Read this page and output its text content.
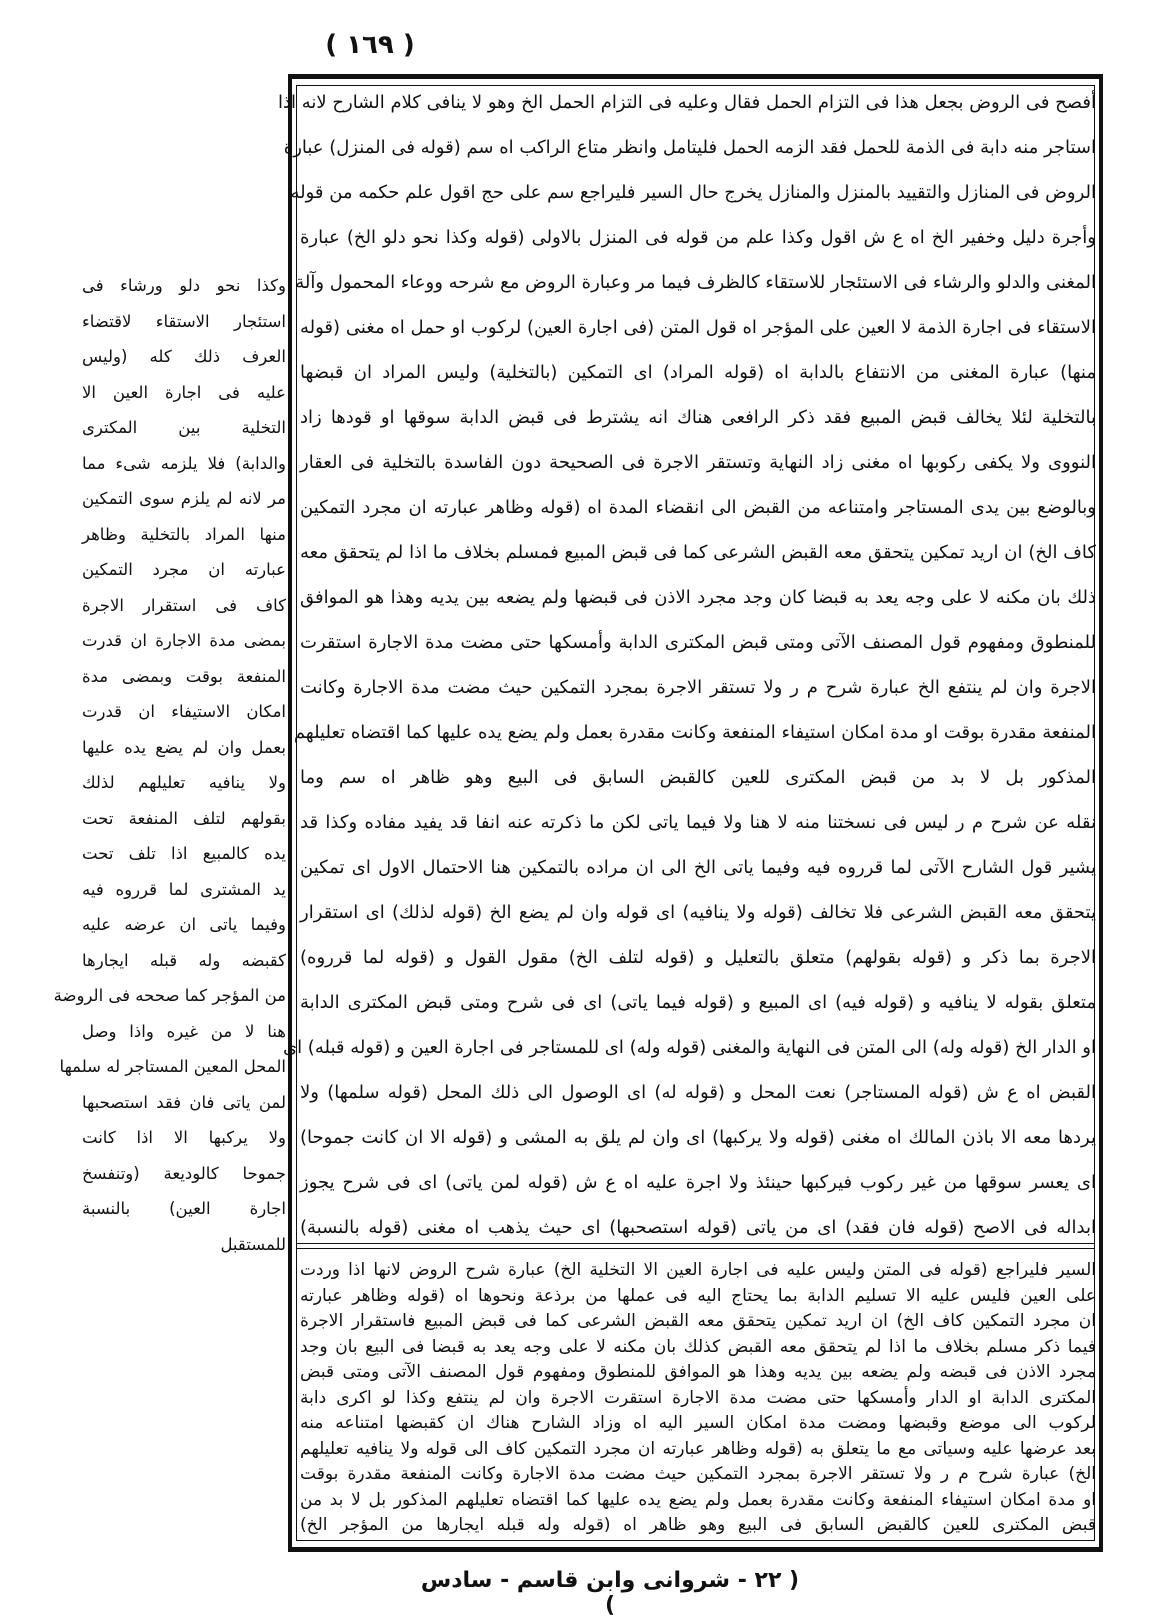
( ١٦٩ )
أفصح فى الروض بجعل هذا فى التزام الحمل فقال وعليه فى التزام الحمل الخ وهو لا ينافى كلام الشارح لانه اذا
استاجر منه دابة فى الذمة للحمل فقد الزمه الحمل فليتامل وانظر متاع الراكب اه سم (قوله فى المنزل) عبارة
الروض فى المنازل والتقييد بالمنزل والمنازل يخرج حال السير فليراجع سم على حج اقول علم حكمه من قوله
وأجرة دليل وخفير الخ اه ع ش اقول وكذا علم من قوله فى المنزل بالاولى (قوله وكذا نحو دلو الخ) عبارة
المغنى والدلو والرشاء فى الاستئجار للاستقاء كالظرف فيما مر وعبارة الروض مع شرحه ووعاء المحمول وآلة
الاستقاء فى اجارة الذمة لا العين على المؤجر اه قول المتن (فى اجارة العين) لركوب او حمل اه مغنى (قوله
منها) عبارة المغنى من الانتفاع بالدابة اه (قوله المراد) اى التمكين (بالتخلية) وليس المراد ان قبضها
بالتخلية لئلا يخالف قبض المبيع فقد ذكر الرافعى هناك انه يشترط فى قبض الدابة سوقها او قودها زاد
النووى ولا يكفى ركوبها اه مغنى زاد النهاية وتستقر الاجرة فى الصحيحة دون الفاسدة بالتخلية فى العقار
وبالوضع بين يدى المستاجر وامتناعه من القبض الى انقضاء المدة اه (قوله وظاهر عبارته ان مجرد التمكين
كاف الخ) ان اريد تمكين يتحقق معه القبض الشرعى كما فى قبض المبيع فمسلم بخلاف ما اذا لم يتحقق معه
ذلك بان مكنه لا على وجه يعد به قبضا كان وجد مجرد الاذن فى قبضها ولم يضعه بين يديه وهذا هو الموافق
للمنطوق ومفهوم قول المصنف الآتى ومتى قبض المكترى الدابة وأمسكها حتى مضت مدة الاجارة استقرت
الاجرة وان لم ينتفع الخ عبارة شرح م ر ولا تستقر الاجرة بمجرد التمكين حيث مضت مدة الاجارة وكانت
المنفعة مقدرة بوقت او مدة امكان استيفاء المنفعة وكانت مقدرة بعمل ولم يضع يده عليها كما اقتضاه تعليلهم
المذكور بل لا بد من قبض المكترى للعين كالقبض السابق فى البيع وهو ظاهر اه سم وما
نقله عن شرح م ر ليس فى نسختنا منه لا هنا ولا فيما ياتى لكن ما ذكرته عنه انفا قد يفيد مفاده وكذا قد
يشير قول الشارح الآتى لما قرروه فيه وفيما ياتى الخ الى ان مراده بالتمكين هنا الاحتمال الاول اى تمكين
يتحقق معه القبض الشرعى فلا تخالف (قوله ولا ينافيه) اى قوله وان لم يضع الخ (قوله لذلك) اى استقرار
الاجرة بما ذكر و (قوله بقولهم) متعلق بالتعليل و (قوله لتلف الخ) مقول القول و (قوله لما قرروه)
متعلق بقوله لا ينافيه و (قوله فيه) اى المبيع و (قوله فيما ياتى) اى فى شرح ومتى قبض المكترى الدابة
او الدار الخ (قوله وله) الى المتن فى النهاية والمغنى (قوله وله) اى للمستاجر فى اجارة العين و (قوله قبله) اى
القبض اه ع ش (قوله المستاجر) نعت المحل و (قوله له) اى الوصول الى ذلك المحل (قوله سلمها) ولا
يردها معه الا باذن المالك اه مغنى (قوله ولا يركبها) اى وان لم يلق به المشى و (قوله الا ان كانت جموحا)
اى يعسر سوقها من غير ركوب فيركبها حينئذ ولا اجرة عليه اه ع ش (قوله لمن ياتى) اى فى شرح يجوز
ابداله فى الاصح (قوله فان فقد) اى من ياتى (قوله استصحبها) اى حيث يذهب اه مغنى (قوله بالنسبة)
السير فليراجع (قوله فى المتن وليس عليه فى اجارة العين الا التخلية الخ) عبارة شرح الروض لانها اذا وردت
على العين فليس عليه الا تسليم الدابة بما يحتاج اليه فى عملها من برذعة ونحوها اه (قوله وظاهر عبارته
ان مجرد التمكين كاف الخ) ان اريد تمكين يتحقق معه القبض الشرعى كما فى قبض المبيع فاستقرار الاجرة
فيما ذكر مسلم بخلاف ما اذا لم يتحقق معه القبض كذلك بان مكنه لا على وجه يعد به قبضا فى البيع بان وجد
مجرد الاذن فى قبضه ولم يضعه بين يديه وهذا هو الموافق للمنطوق ومفهوم قول المصنف الآتى ومتى قبض
المكترى الدابة او الدار وأمسكها حتى مضت مدة الاجارة استقرت الاجرة وان لم ينتفع وكذا لو اكرى دابة
لركوب الى موضع وقبضها ومضت مدة امكان السير اليه اه وزاد الشارح هناك ان كقبضها امتناعه منه
بعد عرضها عليه وسياتى مع ما يتعلق به (قوله وظاهر عبارته ان مجرد التمكين كاف الى قوله ولا ينافيه تعليلهم
الخ) عبارة شرح م ر ولا تستقر الاجرة بمجرد التمكين حيث مضت مدة الاجارة وكانت المنفعة مقدرة بوقت
او مدة امكان استيفاء المنفعة وكانت مقدرة بعمل ولم يضع يده عليها كما اقتضاه تعليلهم المذكور بل لا بد من
قبض المكترى للعين كالقبض السابق فى البيع وهو ظاهر اه (قوله وله قبله ايجارها من المؤجر الخ)
وكذا نحو دلو ورشاء فى
استئجار الاستقاء لاقتضاء
العرف ذلك كله (وليس
عليه فى اجارة العين الا
التخلية بين المكترى
والدابة) فلا يلزمه شىء مما
مر لانه لم يلزم سوى التمكين
منها المراد بالتخلية وظاهر
عبارته ان مجرد التمكين
كاف فى استقرار الاجرة
بمضى مدة الاجارة ان قدرت
المنفعة بوقت وبمضى مدة
امكان الاستيفاء ان قدرت
بعمل وان لم يضع يده عليها
ولا ينافيه تعليلهم لذلك
بقولهم لتلف المنفعة تحت
يده كالمبيع اذا تلف تحت
يد المشترى لما قرروه فيه
وفيما ياتى ان عرضه عليه
كقبضه وله قبله ايجارها
من المؤجر كما صححه فى الروضة
هنا لا من غيره واذا وصل
المحل المعين المستاجر له سلمها
لمن ياتى فان فقد استصحبها
ولا يركبها الا اذا كانت
جموحا كالوديعة (وتنفسخ
اجارة العين) بالنسبة
للمستقبل
( ٢٢ - شروانى وابن قاسم - سادس )
